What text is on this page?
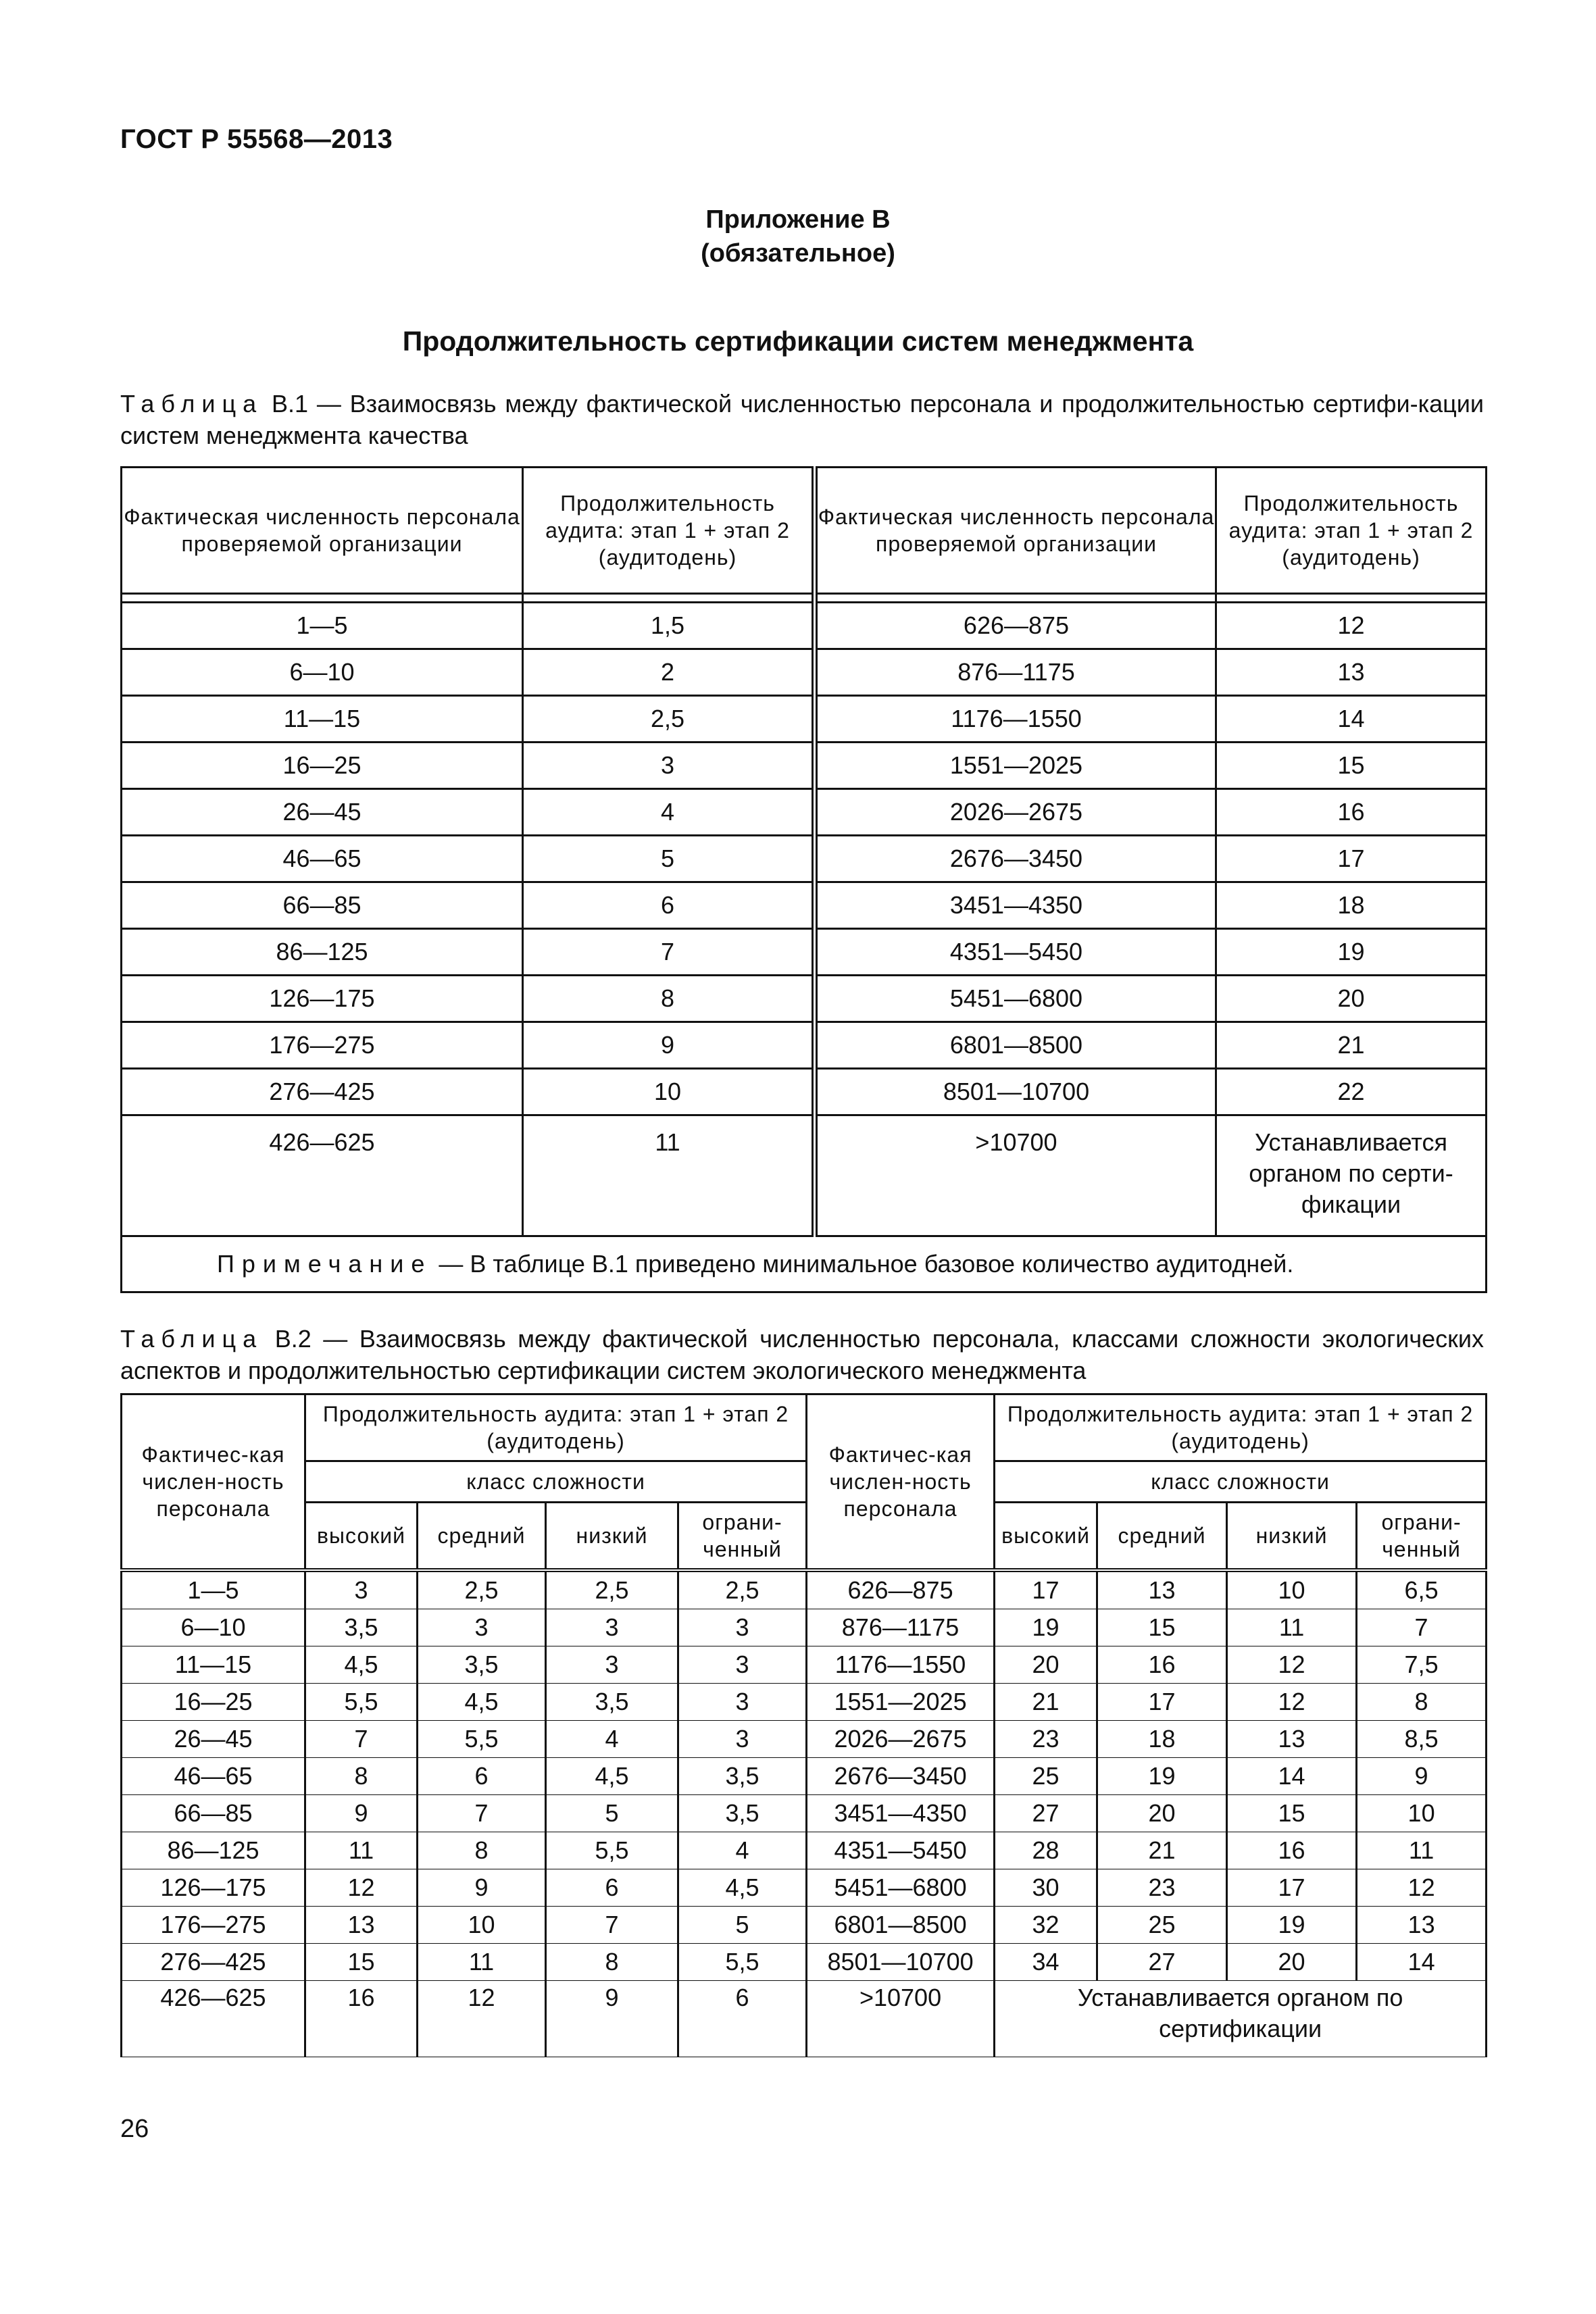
ГОСТ Р 55568—2013
Приложение В
(обязательное)
Продолжительность сертификации систем менеджмента
Таблица В.1 — Взаимосвязь между фактической численностью персонала и продолжительностью сертифи-кации систем менеджмента качества
Фактическая численность персонала проверяемой организации	Продолжительность аудита: этап 1 + этап 2 (аудитодень)	Фактическая численность персонала проверяемой организации	Продолжительность аудита: этап 1 + этап 2 (аудитодень)

1—5	1,5	626—875	12
6—10	2	876—1175	13
11—15	2,5	1176—1550	14
16—25	3	1551—2025	15
26—45	4	2026—2675	16
46—65	5	2676—3450	17
66—85	6	3451—4350	18
86—125	7	4351—5450	19
126—175	8	5451—6800	20
176—275	9	6801—8500	21
276—425	10	8501—10700	22
426—625	11	>10700	Устанавливается органом по серти-фикации
Примечание — В таблице В.1 приведено минимальное базовое количество аудитодней.			
Таблица В.2 — Взаимосвязь между фактической численностью персонала, классами сложности экологических аспектов и продолжительностью сертификации систем экологического менеджмента
Фактичес-кая числен-ность персонала	Продолжительность аудита: этап 1 + этап 2 (аудитодень)				Фактичес-кая числен-ность персонала	Продолжительность аудита: этап 1 + этап 2 (аудитодень)			
	класс сложности					класс сложности			
	высокий	средний	низкий	ограни-ченный		высокий	средний	низкий	ограни-ченный
1—5	3	2,5	2,5	2,5	626—875	17	13	10	6,5
6—10	3,5	3	3	3	876—1175	19	15	11	7
11—15	4,5	3,5	3	3	1176—1550	20	16	12	7,5
16—25	5,5	4,5	3,5	3	1551—2025	21	17	12	8
26—45	7	5,5	4	3	2026—2675	23	18	13	8,5
46—65	8	6	4,5	3,5	2676—3450	25	19	14	9
66—85	9	7	5	3,5	3451—4350	27	20	15	10
86—125	11	8	5,5	4	4351—5450	28	21	16	11
126—175	12	9	6	4,5	5451—6800	30	23	17	12
176—275	13	10	7	5	6801—8500	32	25	19	13
276—425	15	11	8	5,5	8501—10700	34	27	20	14
426—625	16	12	9	6	>10700	Устанавливается органом по сертификации			
26
